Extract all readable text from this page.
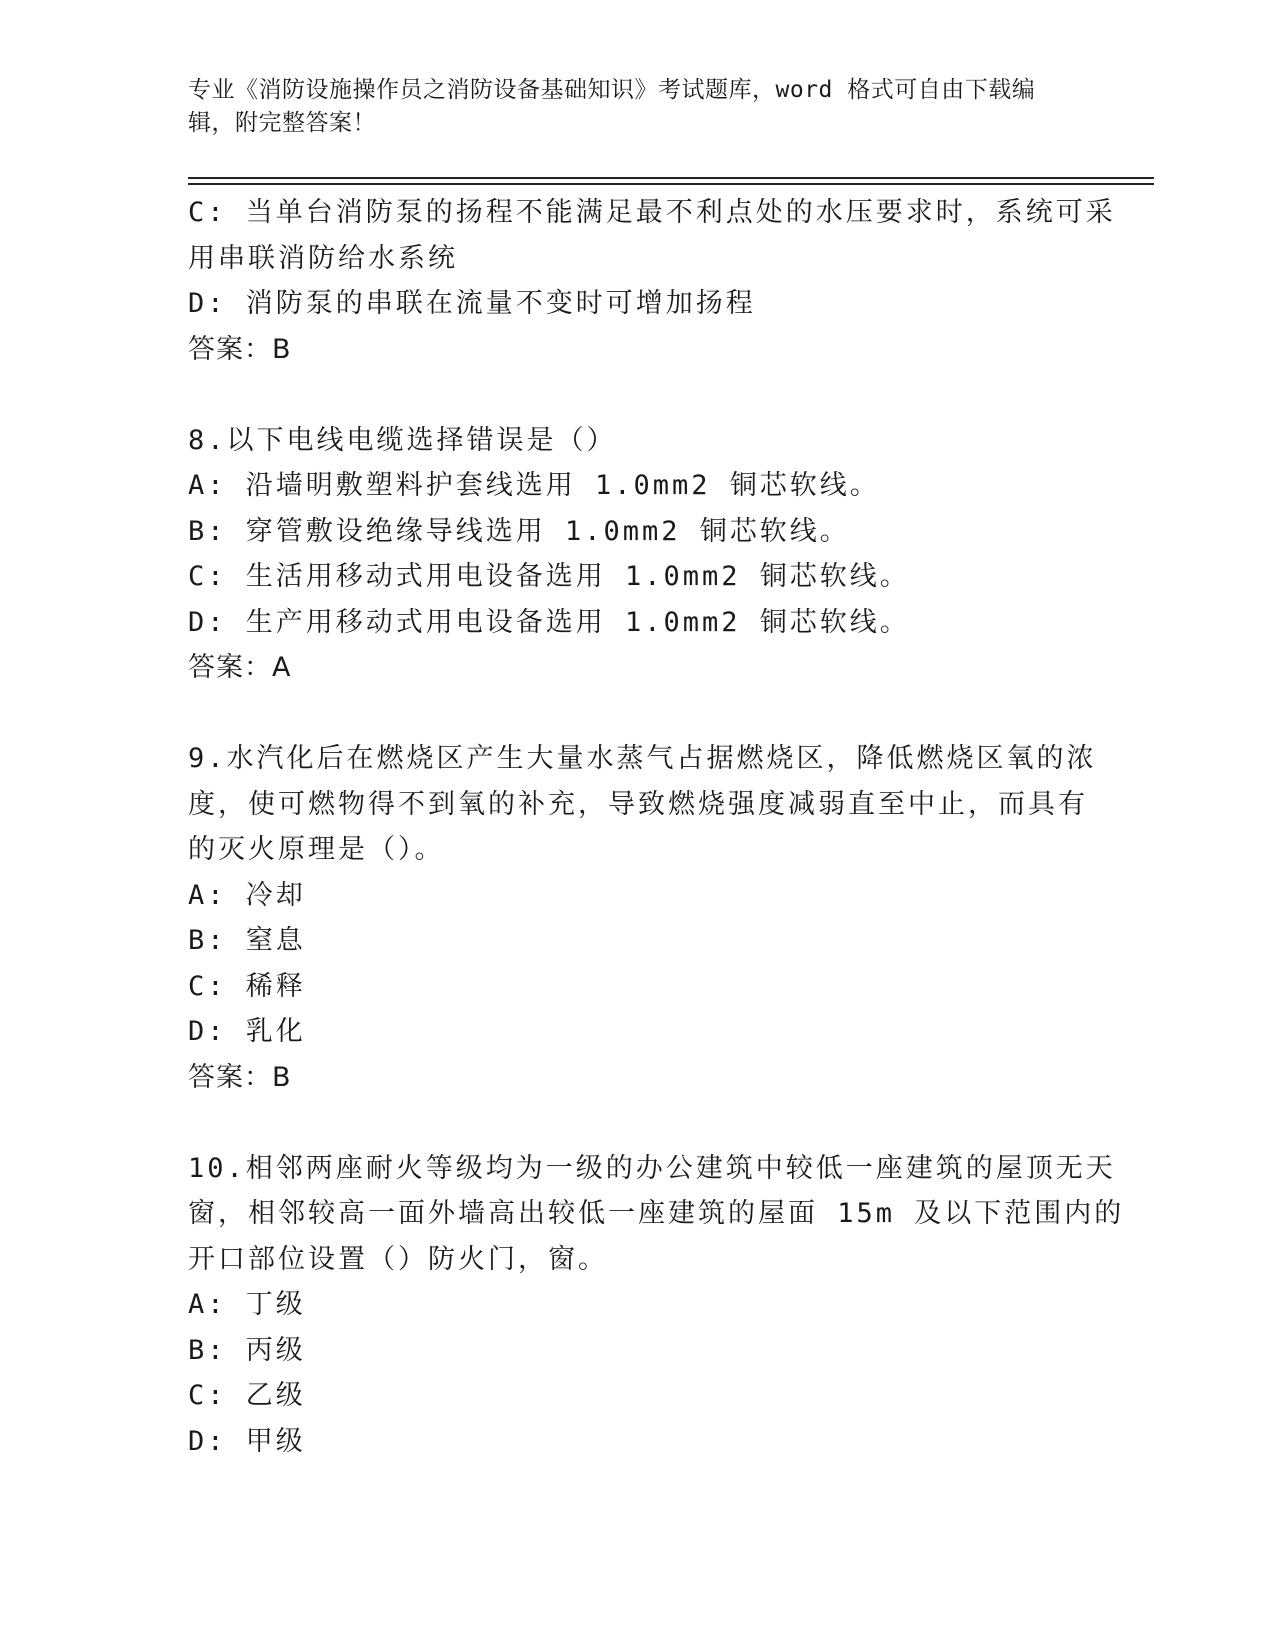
专业《消防设施操作员之消防设备基础知识》考试题库，word 格式可自由下载编
辑，附完整答案！
C: 当单台消防泵的扬程不能满足最不利点处的水压要求时，系统可采
用串联消防给水系统
D: 消防泵的串联在流量不变时可增加扬程
答案：B
8.以下电线电缆选择错误是（）
A: 沿墙明敷塑料护套线选用 1.0mm2 铜芯软线。
B: 穿管敷设绝缘导线选用 1.0mm2 铜芯软线。
C: 生活用移动式用电设备选用 1.0mm2 铜芯软线。
D: 生产用移动式用电设备选用 1.0mm2 铜芯软线。
答案：A
9.水汽化后在燃烧区产生大量水蒸气占据燃烧区，降低燃烧区氧的浓
度，使可燃物得不到氧的补充，导致燃烧强度减弱直至中止，而具有
的灭火原理是（）。
A: 冷却
B: 窒息
C: 稀释
D: 乳化
答案：B
10.相邻两座耐火等级均为一级的办公建筑中较低一座建筑的屋顶无天
窗，相邻较高一面外墙高出较低一座建筑的屋面 15m 及以下范围内的
开口部位设置（）防火门，窗。
A: 丁级
B: 丙级
C: 乙级
D: 甲级
